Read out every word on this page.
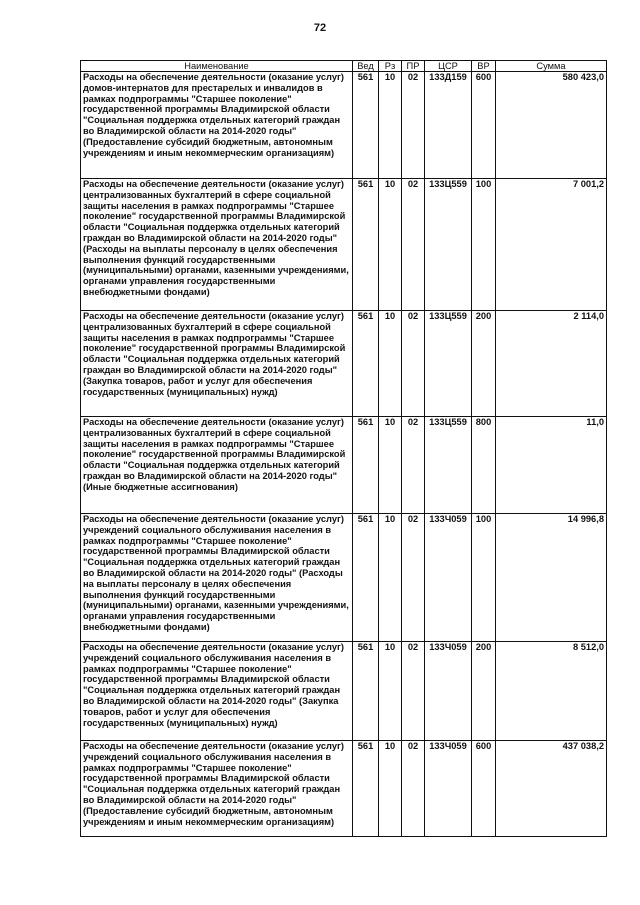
72
Наименование	Вед	Рз	ПР	ЦСР	ВР	Сумма
Расходы на обеспечение деятельности (оказание услуг) домов-интернатов для престарелых и инвалидов в рамках подпрограммы "Старшее поколение" государственной программы Владимирской области "Социальная поддержка отдельных категорий граждан во Владимирской области на 2014-2020 годы" (Предоставление субсидий бюджетным, автономным учреждениям и иным некоммерческим организациям)	561	10	02	133Д159	600	580 423,0
Расходы на обеспечение деятельности (оказание услуг) централизованных бухгалтерий в сфере социальной защиты населения в рамках подпрограммы "Старшее поколение" государственной программы Владимирской области "Социальная поддержка отдельных категорий граждан во Владимирской области на 2014-2020 годы" (Расходы на выплаты персоналу в целях обеспечения выполнения функций государственными (муниципальными) органами, казенными учреждениями, органами управления государственными внебюджетными фондами)	561	10	02	133Ц559	100	7 001,2
Расходы на обеспечение деятельности (оказание услуг) централизованных бухгалтерий в сфере социальной защиты населения в рамках подпрограммы "Старшее поколение" государственной программы Владимирской области "Социальная поддержка отдельных категорий граждан во Владимирской области на 2014-2020 годы" (Закупка товаров, работ и услуг для обеспечения государственных (муниципальных) нужд)	561	10	02	133Ц559	200	2 114,0
Расходы на обеспечение деятельности (оказание услуг) централизованных бухгалтерий в сфере социальной защиты населения в рамках подпрограммы "Старшее поколение" государственной программы Владимирской области "Социальная поддержка отдельных категорий граждан во Владимирской области на 2014-2020 годы" (Иные бюджетные ассигнования)	561	10	02	133Ц559	800	11,0
Расходы на обеспечение деятельности (оказание услуг) учреждений социального обслуживания населения в рамках подпрограммы "Старшее поколение" государственной программы Владимирской области "Социальная поддержка отдельных категорий граждан во Владимирской области на 2014-2020 годы" (Расходы на выплаты персоналу в целях обеспечения выполнения функций государственными (муниципальными) органами, казенными учреждениями, органами управления государственными внебюджетными фондами)	561	10	02	133Ч059	100	14 996,8
Расходы на обеспечение деятельности (оказание услуг) учреждений социального обслуживания населения в рамках подпрограммы "Старшее поколение" государственной программы Владимирской области "Социальная поддержка отдельных категорий граждан во Владимирской области на 2014-2020 годы" (Закупка товаров, работ и услуг для обеспечения государственных (муниципальных) нужд)	561	10	02	133Ч059	200	8 512,0
Расходы на обеспечение деятельности (оказание услуг) учреждений социального обслуживания населения в рамках подпрограммы "Старшее поколение" государственной программы Владимирской области "Социальная поддержка отдельных категорий граждан во Владимирской области на 2014-2020 годы" (Предоставление субсидий бюджетным, автономным учреждениям и иным некоммерческим организациям)	561	10	02	133Ч059	600	437 038,2
